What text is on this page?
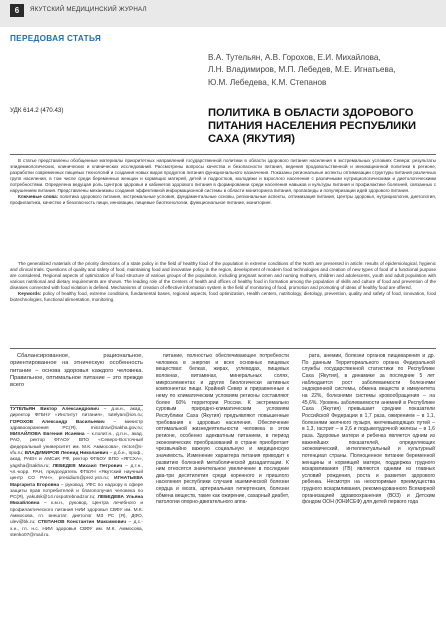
6	ЯКУТСКИЙ МЕДИЦИНСКИЙ ЖУРНАЛ
ПЕРЕДОВАЯ СТАТЬЯ
В.А. Тутельян, А.В. Горохов, Е.И. Михайлова,
Л.Н. Владимиров, М.П. Лебедев, М.Е. Игнатьева,
Ю.М. Лебедева, К.М. Степанов
УДК 614.2 (470.43)	ПОЛИТИКА В ОБЛАСТИ ЗДОРОВОГО ПИТАНИЯ НАСЕЛЕНИЯ РЕСПУБЛИКИ САХА (ЯКУТИЯ)

В статье представлены обобщенные материалы приоритетных направлений государственной политики в области здорового питания населения в экстремальных условиях Севера: результаты эпидемиологических, клинических и клинических исследований. Рассмотрены вопросы качества и безопасности питания, ведения продовольственной и инновационной политики в регионе, разработки современных пищевых технологий и создания новых видов продуктов питания функционального назначения. Показаны региональные аспекты оптимизации структуры питания различных групп населения, в том числе среди беременных женщин и кормящих матерей, детей и подростков, молодежи и взрослого населения с различными нутрициологическими и диетологическими потребностями. Определена ведущая роль Центров здоровья и кабинетов здорового питания в формировании среди населения навыков и культуры питания и профилактике болезней, связанных с нарушением питания. Представлены механизмы создания эффективной информационной системы в области мониторинга питания, пропаганды и популяризации идей здорового питания.

Ключевые слова: политика здорового питания, экстремальные условия, фундаментальные основы, региональные аспекты, оптимизация питания, Центры здоровья, нутрициология, диетология, профилактика, качество и безопасность пищи, инновации, пищевые биотехнологии, функциональное питание, мониторинг.

The generalized materials of the priority directions of a state policy in the field of healthy food of the population in extreme conditions of the North are presented in article: results of epidemiological, hygienic and clinical trials. Questions of quality and safety of food, maintaining food and innovative policy in the region, development of modern food technologies and creation of new types of food of a functional purpose are considered. Regional aspects of optimization of food structure of various groups of the population, including pregnant women and nursing mothers, children and adolescents, youth and adult population with various nutritional and dietary requirements are shown. The leading role of the Centers of health and offices of healthy food in formation among the population of skills and culture of food and prevention of the diseases connected with food violation is defined. Mechanisms of creation of effective information system in the field of monitoring of food, promotion and promoting of ideas of healthy food are offered.

Keywords: policy of healthy food, extreme conditions, fundamental bases, regional aspects, food optimization, Health centers, nutritiology, dietology, prevention, quality and safety of food, innovation, food biotechnologies, functional alimentation, monitoring.

Сбалансированное, рациональное, ориентированное на этническую особенность питание – основа здоровья каждого человека. Правильное, оптимальное питание – это прежде всего

ТУТЕЛЬЯН Виктор Александрович – д.м.н., акад., директор ФГБНУ «Институт питания», tutelyan@ion.ru; ГОРОХОВ Александр Васильевич – министр здравоохранения РС(Я), minzdrav@sakha.gov.ru; МИХАЙЛОВА Евгения Исаевна – к.полит.н., д.п.н., акад. РАО, ректор ФГАОУ ВПО «Северо-Восточный федеральный университет им. М.К. Аммосова», rector@s-vfu.ru; ВЛАДИМИРОВ Леонид Николаевич – д.б.н., проф., акад. РАЕН и АМСиК РФ, ректор ФГБОУ ВПО «ЯГСХА», yagsha@sakha.ru; ЛЕБЕДЕВ Михаил Петрович – д.т.н., чл.-корр. РАН, председатель ФГБУН «Якутский научный центр СО РАН», presidium@prez.ysn.ru; ИГНАТЬЕВА Маргарита Егоровна – руковод. УФС по надзору в сфере защиты прав потребителей и благополучия человека по РС(Я), yakutsk@14.rospotrebnadzor.ru; ЛЕБЕДЕВА Ульяна Михайловна – к.м.н., руковод. Центра лечебного и профилактического питания НИИ здоровья СВФУ им. М.К. Аммосова, гл. внештат. диетолог МЗ РС (Я), ДФО, ulev@bk.ru; СТЕПАНОВ Константин Максимович – д.с.-х.н., гл. н.с. НИИ здоровья СВФУ им. М.К. Аммосова, stenko07@mail.ru.

питание, полностью обеспечивающее потребности человека в энергии и всех основных пищевых веществах: белках, жирах, углеводах, пищевых волокнах, витаминах, минеральных солях, микроэлементах и других биологически активных компонентах пищи. Крайний Север и приравненные к нему по климатическим условиям регионы составляют более 60% территории России. К экстремально суровым природно-климатическим условиям Республики Саха (Якутия) предъявляют повышенные требования к здоровью населения. Обеспечение оптимальной жизнедеятельности человека в этом регионе, особенно адекватным питанием, в период экономических преобразований в стране приобретает чрезвычайно важную социальную и медицинскую значимость. Изменение характера питания приводит к развитию болезней метаболической дизадаптации. К ним относятся значительное увеличение в последние два-три десятилетия среди коренного и пришлого населения республики случаев ишемической болезни сердца и мозга, артериальная гипертензия, болезни обмена веществ, такие как ожирение, сахарный диабет, патологии опорно-двигательного аппа-

рата, анемии, болезни органов пищеварения и др. По данным Территориального органа Федеральной службы государственной статистики по Республике Саха (Якутия), в динамике за последние 5 лет наблюдается рост заболеваемости болезнями эндокринной системы, обмена веществ и иммунитета на 22%, болезнями системы кровообращения – на 45,6%. Уровень заболеваемости анемией в Республике Саха (Якутия) превышает средние показатели Российской Федерации в 1,7 раза, ожирением – в 1,1, болезнями желчного пузыря, желчевыводящих путей – в 1,3, гастрит – в 2,6 и подъжелудочной железы – в 1,6 раза. Здоровье матери и ребенка является одним из важнейших показателей, определяющих экономический, интеллектуальный и культурный потенциал страны. Полноценное питание беременной женщины и кормящей матери, поддержка грудного вскармливания (ГВ) являются одними из главных условий рождения, роста и развития здорового ребенка. Несмотря на неоспоримые преимущества грудного вскармливания, рекомендованного Всемирной организацией здравоохранения (ВОЗ) и Детским фондом ООН (ЮНИСЕФ) для детей первого года
